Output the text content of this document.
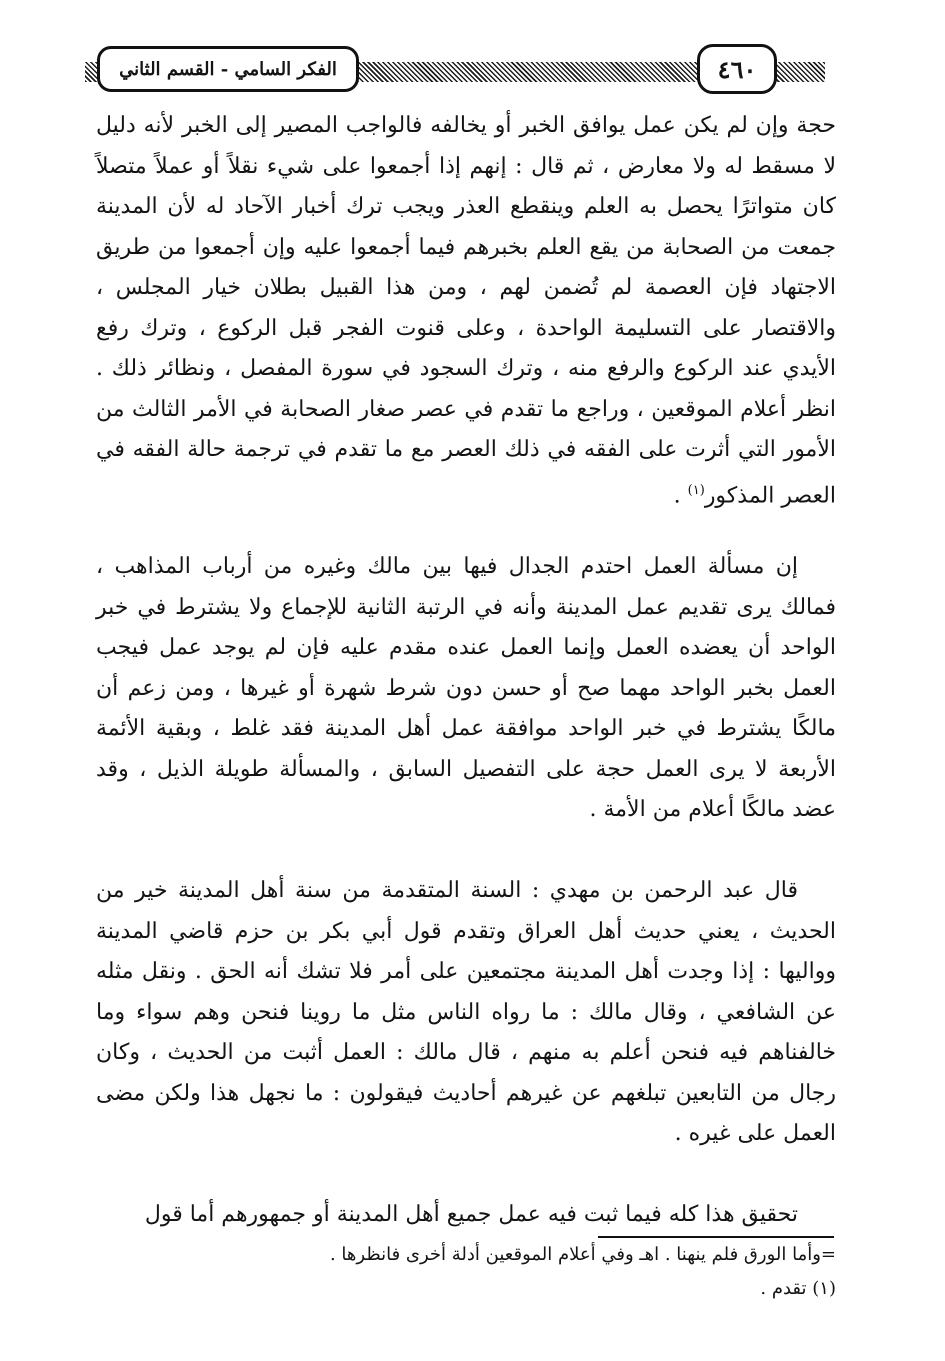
الفكر السامي - القسم الثاني	٤٦٠

حجة وإن لم يكن عمل يوافق الخبر أو يخالفه فالواجب المصير إلى الخبر لأنه دليل لا مسقط له ولا معارض ، ثم قال : إنهم إذا أجمعوا على شيء نقلاً أو عملاً متصلاً كان متواترًا يحصل به العلم وينقطع العذر ويجب ترك أخبار الآحاد له لأن المدينة جمعت من الصحابة من يقع العلم بخبرهم فيما أجمعوا عليه وإن أجمعوا من طريق الاجتهاد فإن العصمة لم تُضمن لهم ، ومن هذا القبيل بطلان خيار المجلس ، والاقتصار على التسليمة الواحدة ، وعلى قنوت الفجر قبل الركوع ، وترك رفع الأيدي عند الركوع والرفع منه ، وترك السجود في سورة المفصل ، ونظائر ذلك . انظر أعلام الموقعين ، وراجع ما تقدم في عصر صغار الصحابة في الأمر الثالث من الأمور التي أثرت على الفقه في ذلك العصر مع ما تقدم في ترجمة حالة الفقه في العصر المذكور$^{(١)}$ .

إن مسألة العمل احتدم الجدال فيها بين مالك وغيره من أرباب المذاهب ، فمالك يرى تقديم عمل المدينة وأنه في الرتبة الثانية للإجماع ولا يشترط في خبر الواحد أن يعضده العمل وإنما العمل عنده مقدم عليه فإن لم يوجد عمل فيجب العمل بخبر الواحد مهما صح أو حسن دون شرط شهرة أو غيرها ، ومن زعم أن مالكًا يشترط في خبر الواحد موافقة عمل أهل المدينة فقد غلط ، وبقية الأئمة الأربعة لا يرى العمل حجة على التفصيل السابق ، والمسألة طويلة الذيل ، وقد عضد مالكًا أعلام من الأمة .

قال عبد الرحمن بن مهدي : السنة المتقدمة من سنة أهل المدينة خير من الحديث ، يعني حديث أهل العراق وتقدم قول أبي بكر بن حزم قاضي المدينة وواليها : إذا وجدت أهل المدينة مجتمعين على أمر فلا تشك أنه الحق . ونقل مثله عن الشافعي ، وقال مالك : ما رواه الناس مثل ما روينا فنحن وهم سواء وما خالفناهم فيه فنحن أعلم به منهم ، قال مالك : العمل أثبت من الحديث ، وكان رجال من التابعين تبلغهم عن غيرهم أحاديث فيقولون : ما نجهل هذا ولكن مضى العمل على غيره .

تحقيق هذا كله فيما ثبت فيه عمل جميع أهل المدينة أو جمهورهم أما قول

=وأما الورق فلم ينهنا . اهـ وفي أعلام الموقعين أدلة أخرى فانظرها .

(١) تقدم .
